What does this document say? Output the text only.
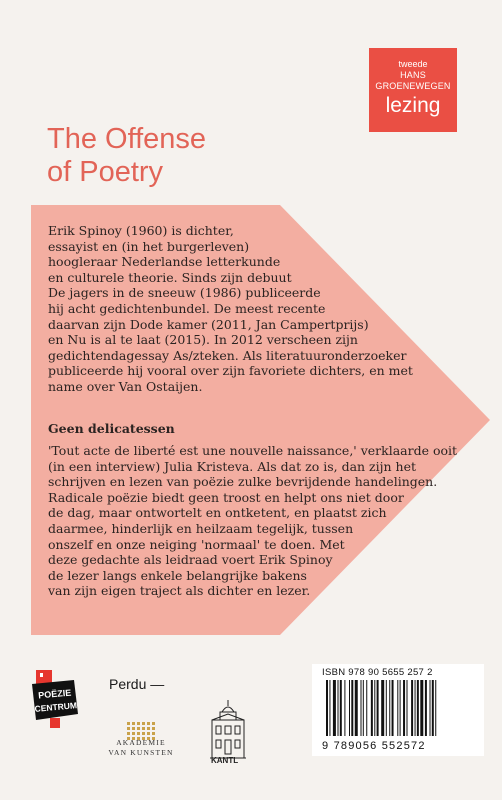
tweede
HANS
GROENEWEGEN
lezing
The Offense
of Poetry
Erik Spinoy (1960) is dichter,
essayist en (in het burgerleven)
hoogleraar Nederlandse letterkunde
en culturele theorie. Sinds zijn debuut
De jagers in de sneeuw (1986) publiceerde
hij acht gedichtenbundel. De meest recente
daarvan zijn Dode kamer (2011, Jan Campertprijs)
en Nu is al te laat (2015). In 2012 verscheen zijn
gedichtendagessay As/zteken. Als literatuuronderzoeker
publiceerde hij vooral over zijn favoriete dichters, en met
name over Van Ostaijen.
Geen delicatessen
'Tout acte de liberté est une nouvelle naissance,' verklaarde ooit
(in een interview) Julia Kristeva. Als dat zo is, dan zijn het
schrijven en lezen van poëzie zulke bevrijdende handelingen.
Radicale poëzie biedt geen troost en helpt ons niet door
de dag, maar ontwortelt en ontketent, en plaatst zich
daarmee, hinderlijk en heilzaam tegelijk, tussen
onszelf en onze neiging 'normaal' te doen. Met
deze gedachte als leidraad voert Erik Spinoy
de lezer langs enkele belangrijke bakens
van zijn eigen traject als dichter en lezer.
POËZIE
CENTRUM
Perdu —
AKADEMIE
VAN KUNSTEN
KANTL
ISBN 978 90 5655 257 2
9 789056 552572
